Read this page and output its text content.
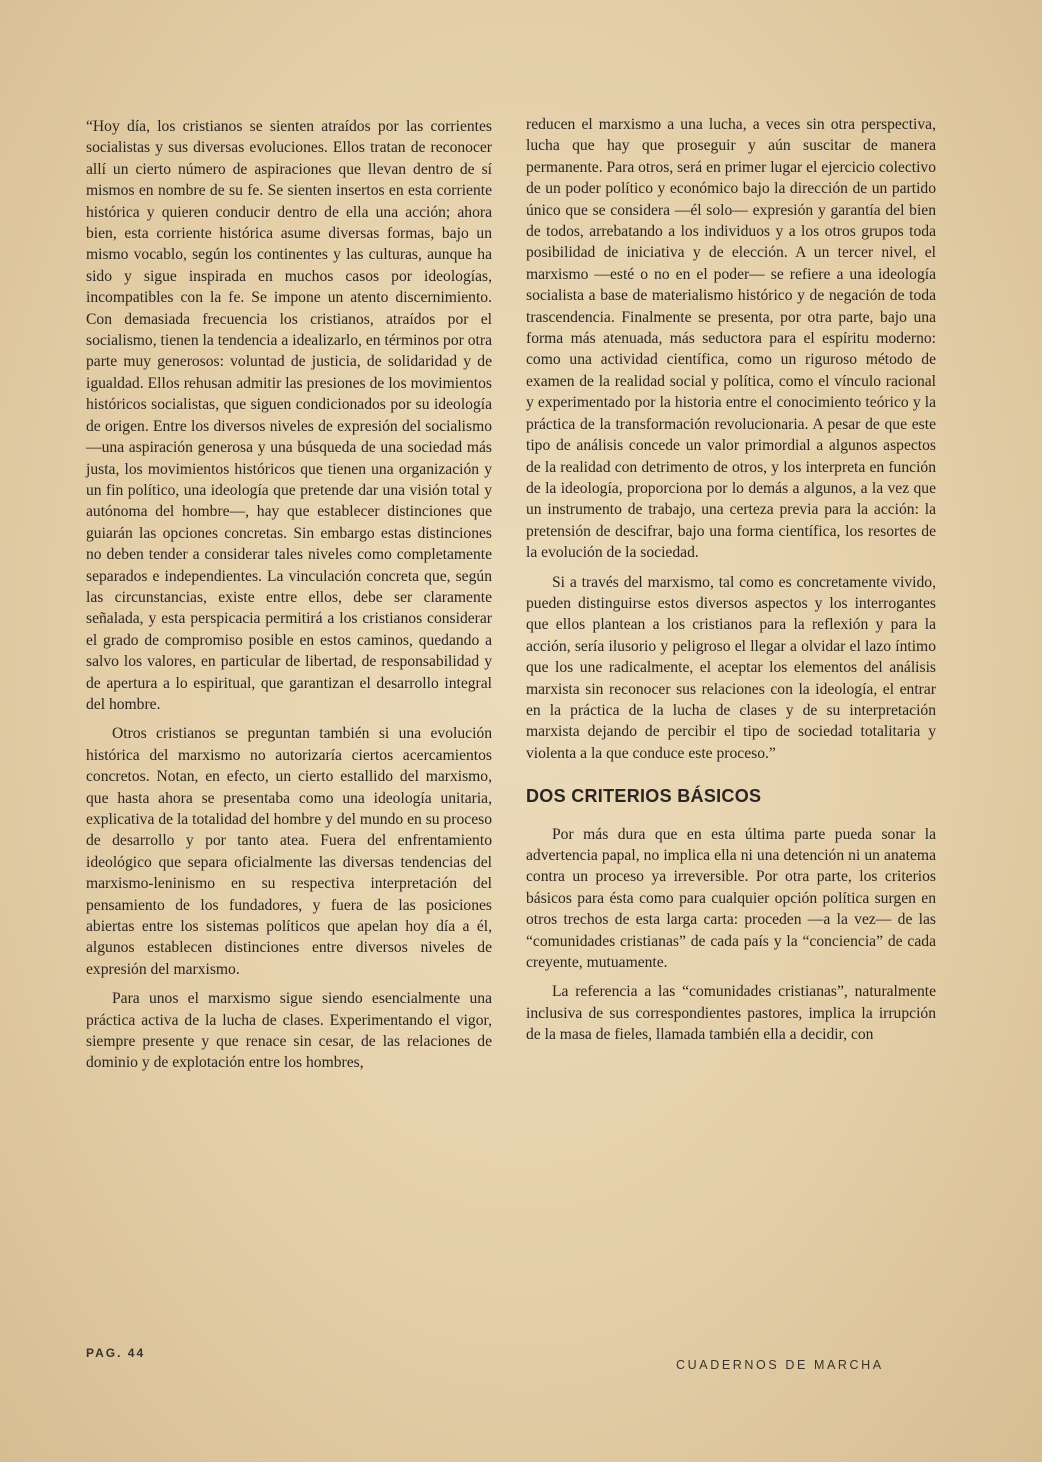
“Hoy día, los cristianos se sienten atraídos por las corrientes socialistas y sus diversas evoluciones. Ellos tratan de reconocer allí un cierto número de aspiraciones que llevan dentro de sí mismos en nombre de su fe. Se sienten insertos en esta corriente histórica y quieren conducir dentro de ella una acción; ahora bien, esta corriente histórica asume diversas formas, bajo un mismo vocablo, según los continentes y las culturas, aunque ha sido y sigue inspirada en muchos casos por ideologías, incompatibles con la fe. Se impone un atento discernimiento. Con demasiada frecuencia los cristianos, atraídos por el socialismo, tienen la tendencia a idealizarlo, en términos por otra parte muy generosos: voluntad de justicia, de solidaridad y de igualdad. Ellos rehusan admitir las presiones de los movimientos históricos socialistas, que siguen condicionados por su ideología de origen. Entre los diversos niveles de expresión del socialismo —una aspiración generosa y una búsqueda de una sociedad más justa, los movimientos históricos que tienen una organización y un fin político, una ideología que pretende dar una visión total y autónoma del hombre—, hay que establecer distinciones que guiarán las opciones concretas. Sin embargo estas distinciones no deben tender a considerar tales niveles como completamente separados e independientes. La vinculación concreta que, según las circunstancias, existe entre ellos, debe ser claramente señalada, y esta perspicacia permitirá a los cristianos considerar el grado de compromiso posible en estos caminos, quedando a salvo los valores, en particular de libertad, de responsabilidad y de apertura a lo espiritual, que garantizan el desarrollo integral del hombre.

Otros cristianos se preguntan también si una evolución histórica del marxismo no autorizaría ciertos acercamientos concretos. Notan, en efecto, un cierto estallido del marxismo, que hasta ahora se presentaba como una ideología unitaria, explicativa de la totalidad del hombre y del mundo en su proceso de desarrollo y por tanto atea. Fuera del enfrentamiento ideológico que separa oficialmente las diversas tendencias del marxismo-leninismo en su respectiva interpretación del pensamiento de los fundadores, y fuera de las posiciones abiertas entre los sistemas políticos que apelan hoy día a él, algunos establecen distinciones entre diversos niveles de expresión del marxismo.

Para unos el marxismo sigue siendo esencialmente una práctica activa de la lucha de clases. Experimentando el vigor, siempre presente y que renace sin cesar, de las relaciones de dominio y de explotación entre los hombres,

reducen el marxismo a una lucha, a veces sin otra perspectiva, lucha que hay que proseguir y aún suscitar de manera permanente. Para otros, será en primer lugar el ejercicio colectivo de un poder político y económico bajo la dirección de un partido único que se considera —él solo— expresión y garantía del bien de todos, arrebatando a los individuos y a los otros grupos toda posibilidad de iniciativa y de elección. A un tercer nivel, el marxismo —esté o no en el poder— se refiere a una ideología socialista a base de materialismo histórico y de negación de toda trascendencia. Finalmente se presenta, por otra parte, bajo una forma más atenuada, más seductora para el espíritu moderno: como una actividad científica, como un riguroso método de examen de la realidad social y política, como el vínculo racional y experimentado por la historia entre el conocimiento teórico y la práctica de la transformación revolucionaria. A pesar de que este tipo de análisis concede un valor primordial a algunos aspectos de la realidad con detrimento de otros, y los interpreta en función de la ideología, proporciona por lo demás a algunos, a la vez que un instrumento de trabajo, una certeza previa para la acción: la pretensión de descifrar, bajo una forma científica, los resortes de la evolución de la sociedad.

Si a través del marxismo, tal como es concretamente vivido, pueden distinguirse estos diversos aspectos y los interrogantes que ellos plantean a los cristianos para la reflexión y para la acción, sería ilusorio y peligroso el llegar a olvidar el lazo íntimo que los une radicalmente, el aceptar los elementos del análisis marxista sin reconocer sus relaciones con la ideología, el entrar en la práctica de la lucha de clases y de su interpretación marxista dejando de percibir el tipo de sociedad totalitaria y violenta a la que conduce este proceso.”

DOS CRITERIOS BÁSICOS

Por más dura que en esta última parte pueda sonar la advertencia papal, no implica ella ni una detención ni un anatema contra un proceso ya irreversible. Por otra parte, los criterios básicos para ésta como para cualquier opción política surgen en otros trechos de esta larga carta: proceden —a la vez— de las “comunidades cristianas” de cada país y la “conciencia” de cada creyente, mutuamente.

La referencia a las “comunidades cristianas”, naturalmente inclusiva de sus correspondientes pastores, implica la irrupción de la masa de fieles, llamada también ella a decidir, con

PAG. 44
CUADERNOS DE MARCHA
